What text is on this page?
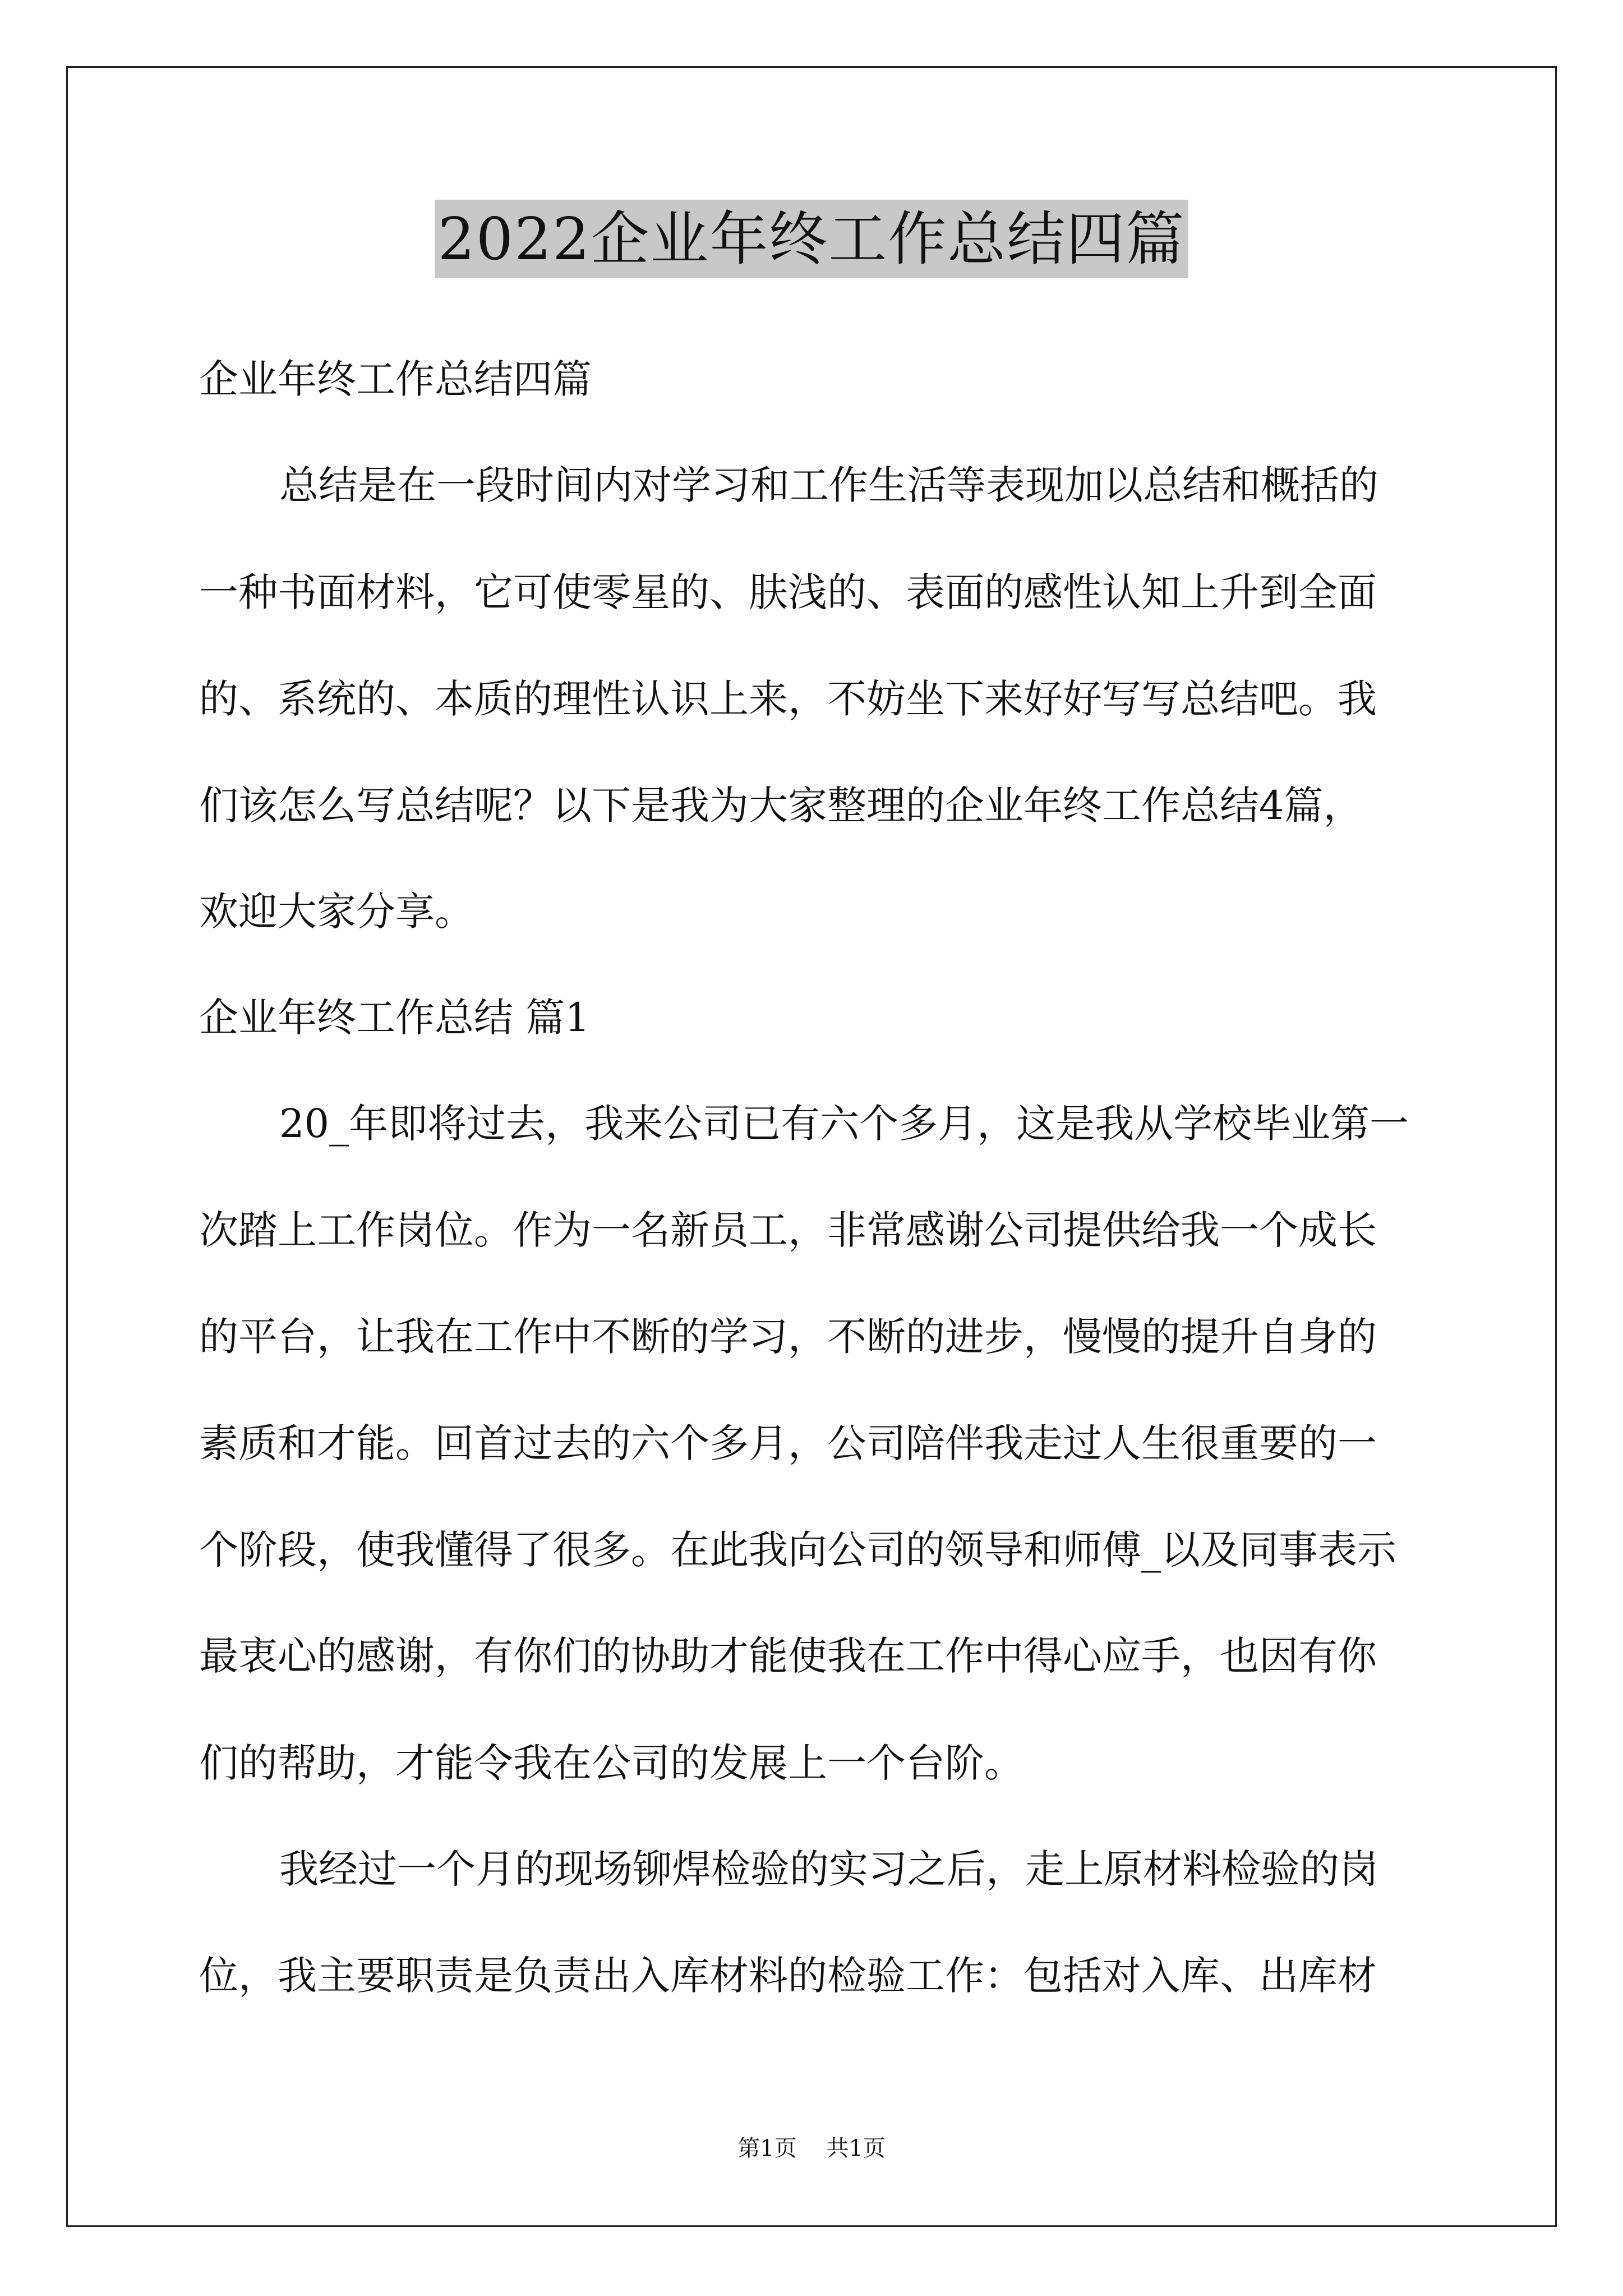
2022企业年终工作总结四篇
企业年终工作总结四篇
总结是在一段时间内对学习和工作生活等表现加以总结和概括的
一种书面材料，它可使零星的、肤浅的、表面的感性认知上升到全面
的、系统的、本质的理性认识上来，不妨坐下来好好写写总结吧。我
们该怎么写总结呢？以下是我为大家整理的企业年终工作总结4篇，
欢迎大家分享。
企业年终工作总结 篇1
20_年即将过去，我来公司已有六个多月，这是我从学校毕业第一
次踏上工作岗位。作为一名新员工，非常感谢公司提供给我一个成长
的平台，让我在工作中不断的学习，不断的进步，慢慢的提升自身的
素质和才能。回首过去的六个多月，公司陪伴我走过人生很重要的一
个阶段，使我懂得了很多。在此我向公司的领导和师傅_以及同事表示
最衷心的感谢，有你们的协助才能使我在工作中得心应手，也因有你
们的帮助，才能令我在公司的发展上一个台阶。
我经过一个月的现场铆焊检验的实习之后，走上原材料检验的岗
位，我主要职责是负责出入库材料的检验工作：包括对入库、出库材
第1页 共1页
